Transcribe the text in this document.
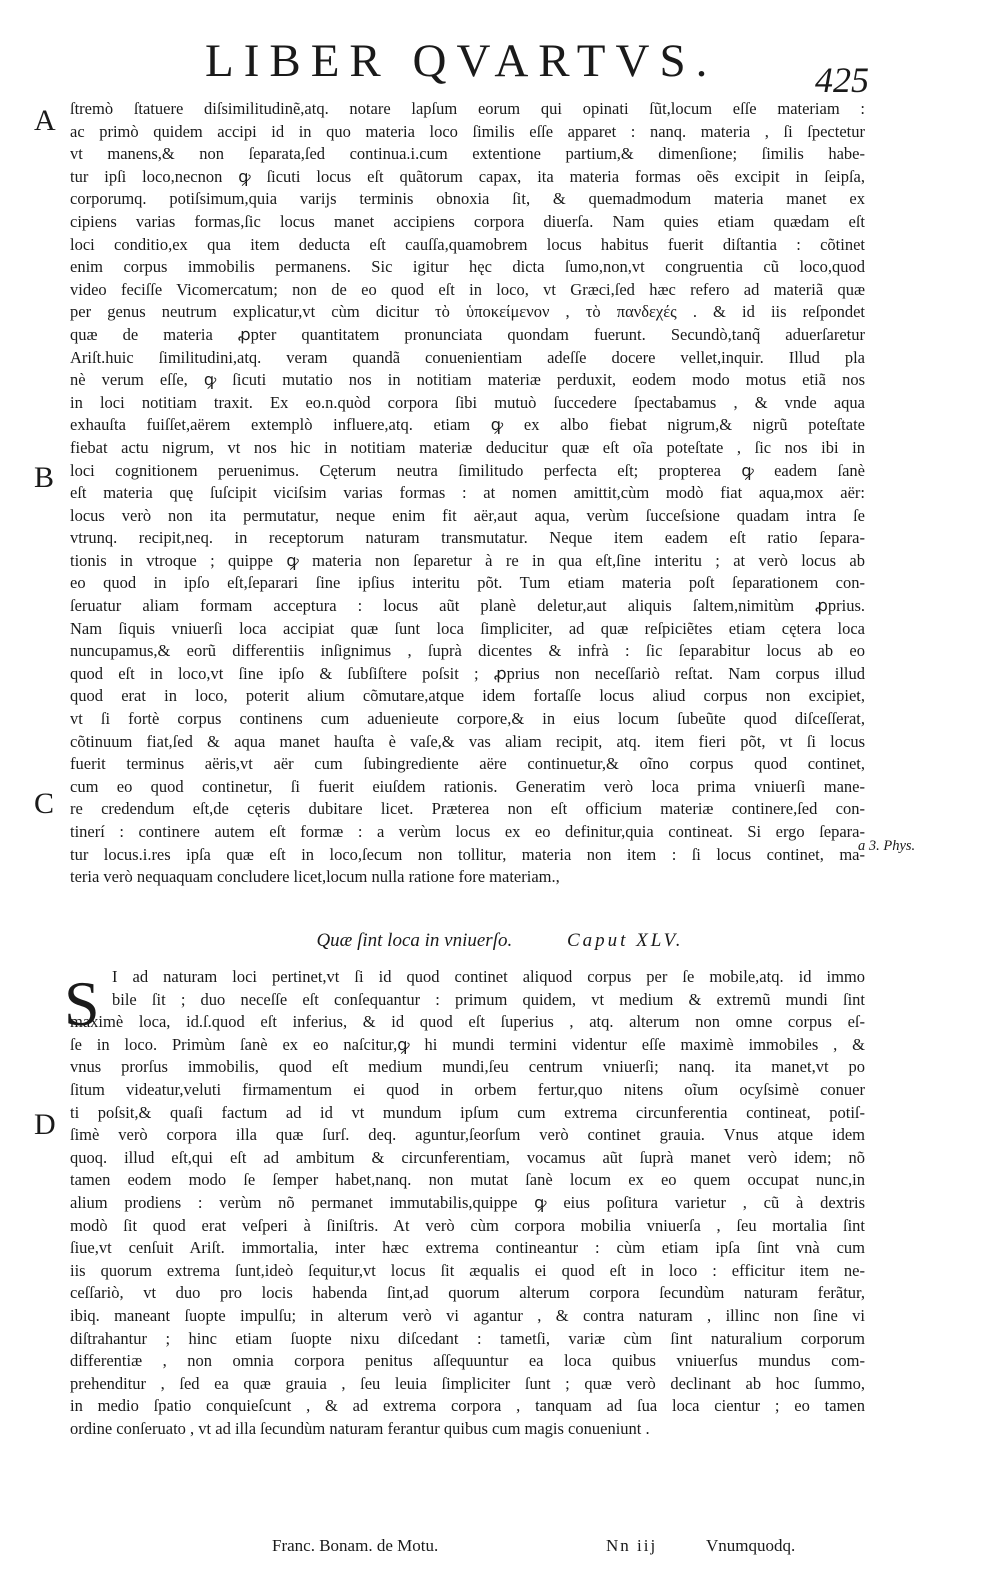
LIBER QVARTVS.	425
A
B
C
D
a 3. Phys.
ſtremò ſtatuere diſsimilitudinẽ,atq. notare lapſum eorum qui opinati ſũt,locum eſſe materiam :
ac primò quidem accipi id in quo materia loco ſimilis eſſe apparet : nanq. materia , ſi ſpectetur
vt manens,& non ſeparata,ſed continua.i.cum extentione partium,& dimenſione; ſimilis habe-
tur ipſi loco,necnon ꝙ ſicuti locus eſt quãtorum capax, ita materia formas oẽs excipit in ſeipſa,
corporumq. potiſsimum,quia varijs terminis obnoxia ſit, & quemadmodum materia manet ex
cipiens varias formas,ſic locus manet accipiens corpora diuerſa. Nam quies etiam quædam eſt
loci conditio,ex qua item deducta eſt cauſſa,quamobrem locus habitus fuerit diſtantia : cõtinet
enim corpus immobilis permanens. Sic igitur hęc dicta ſumo,non,vt congruentia cũ loco,quod
video feciſſe Vicomercatum; non de eo quod eſt in loco, vt Græci,ſed hæc refero ad materiã quæ
per genus neutrum explicatur,vt cùm dicitur τὸ ὑποκείμενον , τὸ πανδεχές . & id iis reſpondet
quæ de materia ꝓpter quantitatem pronunciata quondam fuerunt. Secundò,tanq̃ aduerſaretur
Ariſt.huic ſimilitudini,atq. veram quandã conuenientiam adeſſe docere vellet,inquir. Illud pla
nè verum eſſe, ꝙ ſicuti mutatio nos in notitiam materiæ perduxit, eodem modo motus etiã nos
in loci notitiam traxit. Ex eo.n.quòd corpora ſibi mutuò ſuccedere ſpectabamus , & vnde aqua
exhauſta fuiſſet,aërem extemplò influere,atq. etiam ꝙ ex albo fiebat nigrum,& nigrũ poteſtate
fiebat actu nigrum, vt nos hic in notitiam materiæ deducitur quæ eſt oĩa poteſtate , ſic nos ibi in
loci cognitionem peruenimus. Cęterum neutra ſimilitudo perfecta eſt; propterea ꝙ eadem ſanè
eſt materia quę ſuſcipit viciſsim varias formas : at nomen amittit,cùm modò fiat aqua,mox aër:
locus verò non ita permutatur, neque enim fit aër,aut aqua, verùm ſucceſsione quadam intra ſe
vtrunq. recipit,neq. in receptorum naturam transmutatur. Neque item eadem eſt ratio ſepara-
tionis in vtroque ; quippe ꝙ materia non ſeparetur à re in qua eſt,ſine interitu ; at verò locus ab
eo quod in ipſo eſt,ſeparari ſine ipſius interitu põt. Tum etiam materia poſt ſeparationem con-
ſeruatur aliam formam acceptura : locus aũt planè deletur,aut aliquis ſaltem,nimitùm ꝓprius.
Nam ſiquis vniuerſi loca accipiat quæ ſunt loca ſimpliciter, ad quæ reſpiciẽtes etiam cętera loca
nuncupamus,& eorũ differentiis inſignimus , ſuprà dicentes & infrà : ſic ſeparabitur locus ab eo
quod eſt in loco,vt ſine ipſo & ſubſiſtere poſsit ; ꝓprius non neceſſariò reſtat. Nam corpus illud
quod erat in loco, poterit alium cõmutare,atque idem fortaſſe locus aliud corpus non excipiet,
vt ſi fortè corpus continens cum aduenieute corpore,& in eius locum ſubeũte quod diſceſſerat,
cõtinuum fiat,ſed & aqua manet hauſta è vaſe,& vas aliam recipit, atq. item fieri põt, vt ſi locus
fuerit terminus aëris,vt aër cum ſubingrediente aëre continuetur,& oĩno corpus quod continet,
cum eo quod continetur, ſi fuerit eiuſdem rationis. Generatim verò loca prima vniuerſi mane-
re credendum eſt,de cęteris dubitare licet. Præterea non eſt officium materiæ continere,ſed con-
tinerí : continere autem eſt formæ : a verùm locus ex eo definitur,quia contineat. Si ergo ſepara-
tur locus.i.res ipſa quæ eſt in loco,ſecum non tollitur, materia non item : ſi locus continet, ma-
teria verò nequaquam concludere licet,locum nulla ratione fore materiam.,
Quæ ſint loca in vniuerſo.	Caput XLV.
S I ad naturam loci pertinet,vt ſi id quod continet aliquod corpus per ſe mobile,atq. id immo
bile ſit ; duo neceſſe eſt conſequantur : primum quidem, vt medium & extremũ mundi ſint
maximè loca, id.ſ.quod eſt inferius, & id quod eſt ſuperius , atq. alterum non omne corpus eſ-
ſe in loco. Primùm ſanè ex eo naſcitur,ꝙ hi mundi termini videntur eſſe maximè immobiles , &
vnus prorſus immobilis, quod eſt medium mundi,ſeu centrum vniuerſi; nanq. ita manet,vt po
ſitum videatur,veluti firmamentum ei quod in orbem fertur,quo nitens oĩum ocyſsimè conuer
ti poſsit,& quaſi factum ad id vt mundum ipſum cum extrema circunferentia contineat, potiſ-
ſimè verò corpora illa quæ ſurſ. deq. aguntur,ſeorſum verò continet grauia. Vnus atque idem
quoq. illud eſt,qui eſt ad ambitum & circunferentiam, vocamus aũt ſuprà manet verò idem; nõ
tamen eodem modo ſe ſemper habet,nanq. non mutat ſanè locum ex eo quem occupat nunc,in
alium prodiens : verùm nõ permanet immutabilis,quippe ꝙ eius poſitura varietur , cũ à dextris
modò ſit quod erat veſperi à ſiniſtris. At verò cùm corpora mobilia vniuerſa , ſeu mortalia ſint
ſiue,vt cenſuit Ariſt. immortalia, inter hæc extrema contineantur : cùm etiam ipſa ſint vnà cum
iis quorum extrema ſunt,ideò ſequitur,vt locus ſit æqualis ei quod eſt in loco : efficitur item ne-
ceſſariò, vt duo pro locis habenda ſint,ad quorum alterum corpora ſecundùm naturam ferãtur,
ibiq. maneant ſuopte impulſu; in alterum verò vi agantur , & contra naturam , illinc non ſine vi
diſtrahantur ; hinc etiam ſuopte nixu diſcedant : tametſi, variæ cùm ſint naturalium corporum
differentiæ , non omnia corpora penitus aſſequuntur ea loca quibus vniuerſus mundus com-
prehenditur , ſed ea quæ grauia , ſeu leuia ſimpliciter ſunt ; quæ verò declinant ab hoc ſummo,
in medio ſpatio conquieſcunt , & ad extrema corpora , tanquam ad ſua loca cientur ; eo tamen
ordine conſeruato , vt ad illa ſecundùm naturam ferantur quibus cum magis conueniunt .
Franc. Bonam. de Motu.	Nn iij	Vnumquodq.
